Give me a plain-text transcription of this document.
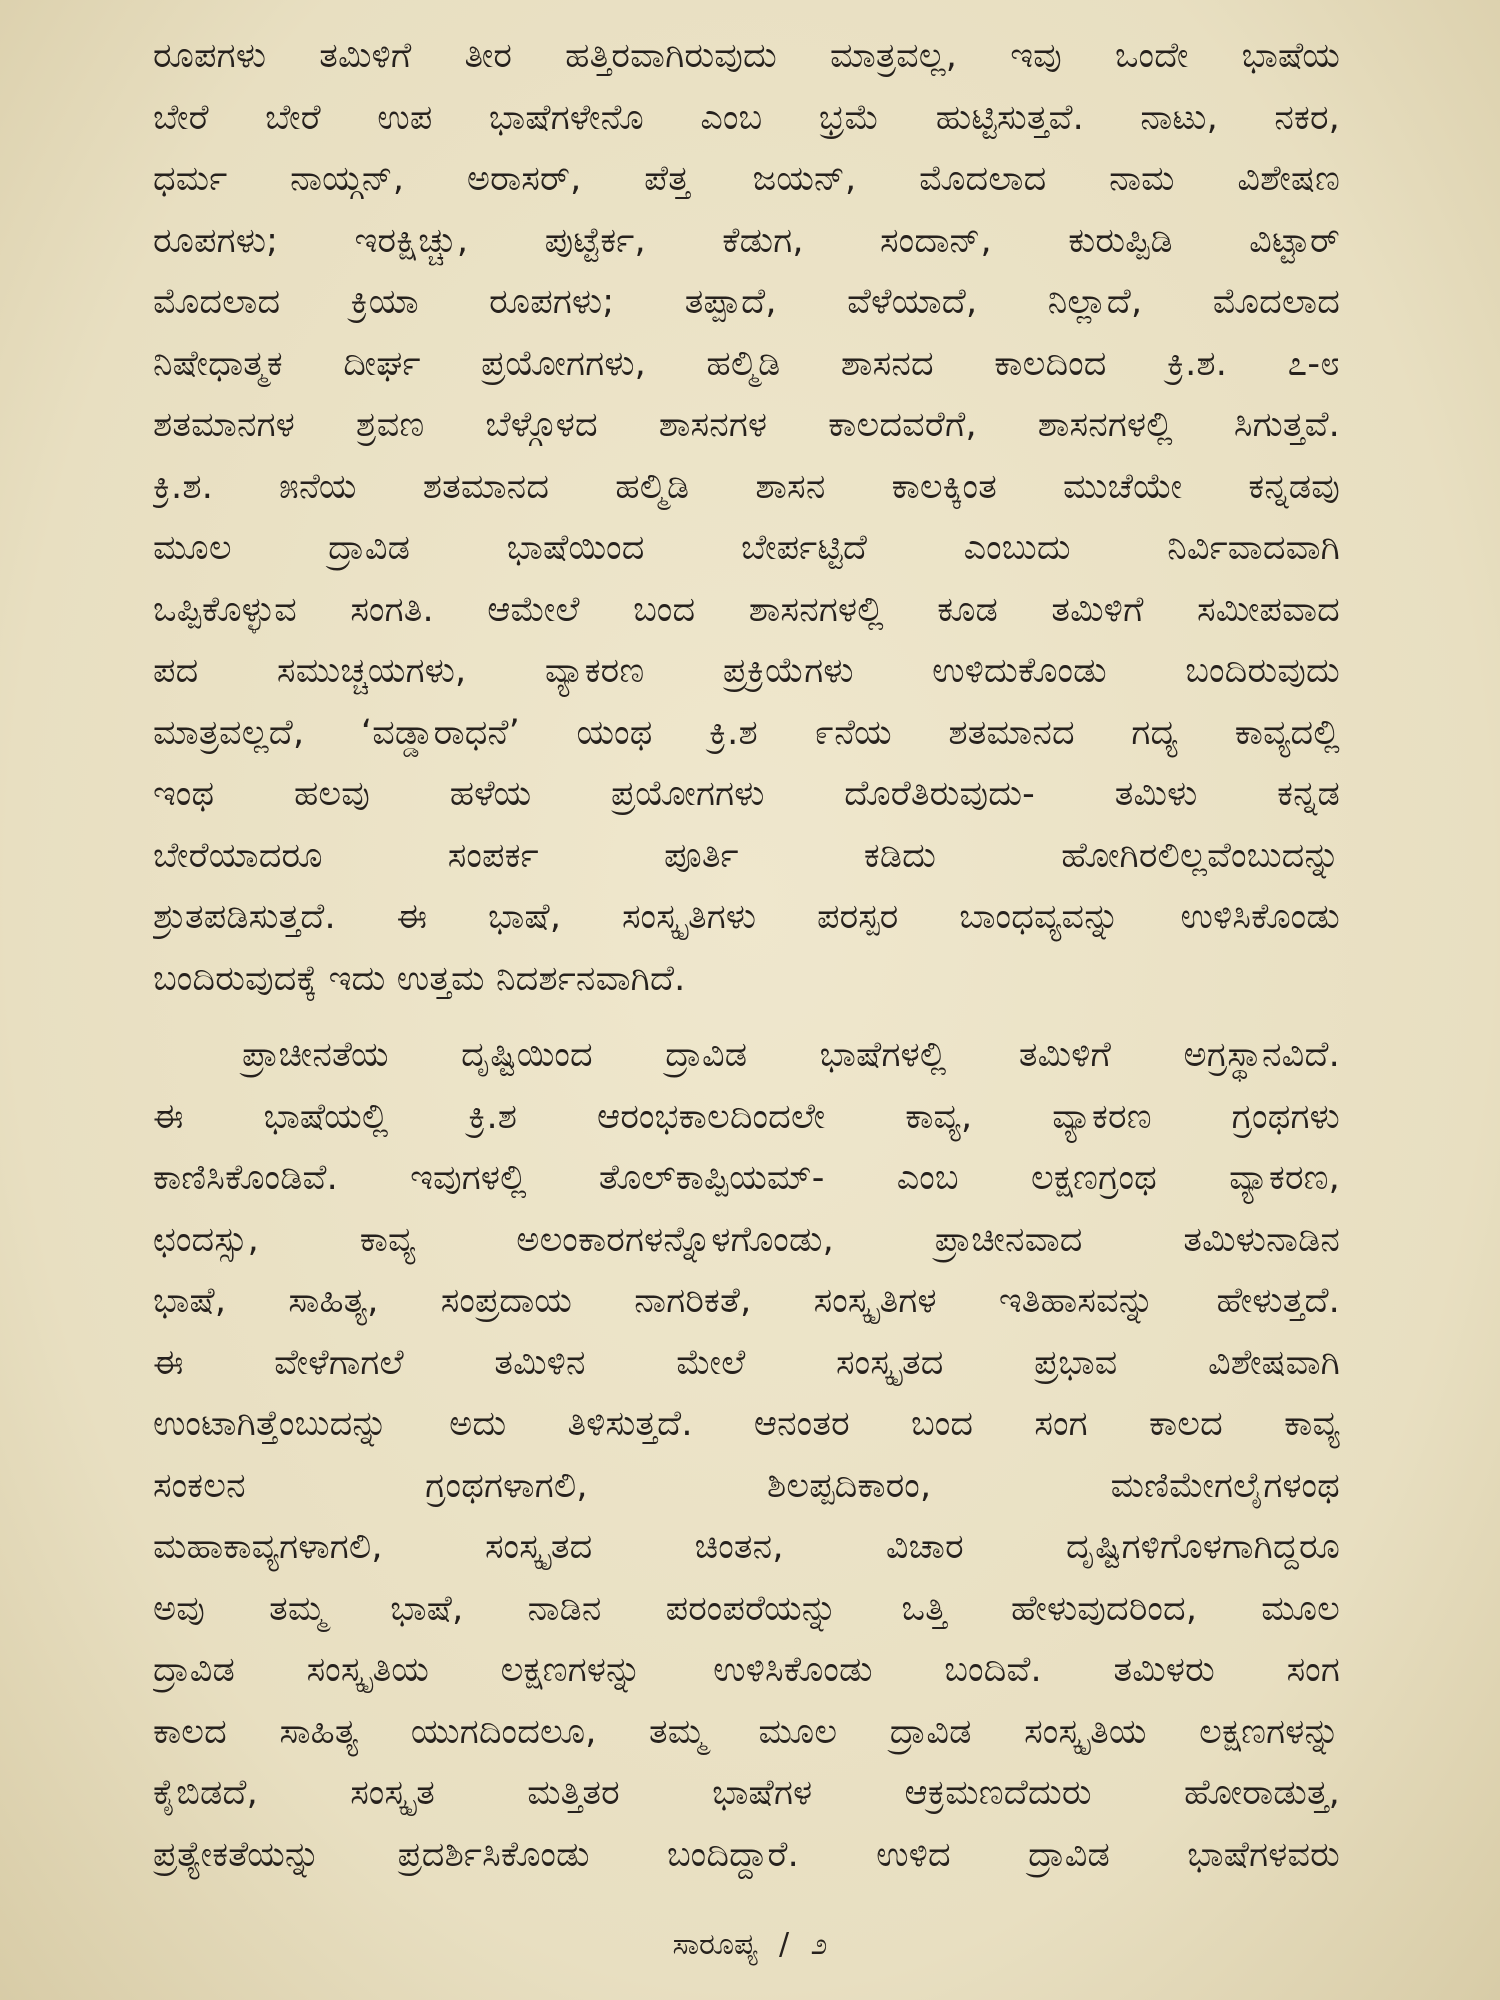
ರೂಪಗಳು ತಮಿಳಿಗೆ ತೀರ ಹತ್ತಿರವಾಗಿರುವುದು ಮಾತ್ರವಲ್ಲ, ಇವು ಒಂದೇ ಭಾಷೆಯ
ಬೇರೆ ಬೇರೆ ಉಪ ಭಾಷೆಗಳೇನೊ ಎಂಬ ಭ್ರಮೆ ಹುಟ್ಟಿಸುತ್ತವೆ. ನಾಟು, ನಕರ,
ಧರ್ಮ ನಾಯ್ಗನ್, ಅರಾಸರ್, ಪೆತ್ತ ಜಯನ್, ಮೊದಲಾದ ನಾಮ ವಿಶೇಷಣ
ರೂಪಗಳು; ಇರಕ್ಷಿಚ್ಚು, ಪುಟ್ಟೆರ್ಕ, ಕೆಡುಗ, ಸಂದಾನ್, ಕುರುಪ್ಪಿಡಿ ವಿಟ್ಟಾರ್
ಮೊದಲಾದ ಕ್ರಿಯಾ ರೂಪಗಳು; ತಪ್ಪಾದೆ, ವೆಳೆಯಾದೆ, ನಿಲ್ಲಾದೆ, ಮೊದಲಾದ
ನಿಷೇಧಾತ್ಮಕ ದೀರ್ಘ ಪ್ರಯೋಗಗಳು, ಹಲ್ಮಿಡಿ ಶಾಸನದ ಕಾಲದಿಂದ ಕ್ರಿ.ಶ. ೭-೮
ಶತಮಾನಗಳ ಶ್ರವಣ ಬೆಳ್ಗೊಳದ ಶಾಸನಗಳ ಕಾಲದವರೆಗೆ, ಶಾಸನಗಳಲ್ಲಿ ಸಿಗುತ್ತವೆ.
ಕ್ರಿ.ಶ. ೫ನೆಯ ಶತಮಾನದ ಹಲ್ಮಿಡಿ ಶಾಸನ ಕಾಲಕ್ಕಿಂತ ಮುಚೆಯೇ ಕನ್ನಡವು
ಮೂಲ ದ್ರಾವಿಡ ಭಾಷೆಯಿಂದ ಬೇರ್ಪಟ್ಟಿದೆ ಎಂಬುದು ನಿರ್ವಿವಾದವಾಗಿ
ಒಪ್ಪಿಕೊಳ್ಳುವ ಸಂಗತಿ. ಆಮೇಲೆ ಬಂದ ಶಾಸನಗಳಲ್ಲಿ ಕೂಡ ತಮಿಳಿಗೆ ಸಮೀಪವಾದ
ಪದ ಸಮುಚ್ಚಯಗಳು, ವ್ಯಾಕರಣ ಪ್ರಕ್ರಿಯೆಗಳು ಉಳಿದುಕೊಂಡು ಬಂದಿರುವುದು
ಮಾತ್ರವಲ್ಲದೆ, ‘ವಡ್ಡಾರಾಧನೆ’ ಯಂಥ ಕ್ರಿ.ಶ ೯ನೆಯ ಶತಮಾನದ ಗದ್ಯ ಕಾವ್ಯದಲ್ಲಿ
ಇಂಥ ಹಲವು ಹಳೆಯ ಪ್ರಯೋಗಗಳು ದೊರೆತಿರುವುದು- ತಮಿಳು ಕನ್ನಡ
ಬೇರೆಯಾದರೂ ಸಂಪರ್ಕ ಪೂರ್ತಿ ಕಡಿದು ಹೋಗಿರಲಿಲ್ಲವೆಂಬುದನ್ನು
ಶ್ರುತಪಡಿಸುತ್ತದೆ. ಈ ಭಾಷೆ, ಸಂಸ್ಕೃತಿಗಳು ಪರಸ್ಪರ ಬಾಂಧವ್ಯವನ್ನು ಉಳಿಸಿಕೊಂಡು
ಬಂದಿರುವುದಕ್ಕೆ ಇದು ಉತ್ತಮ ನಿದರ್ಶನವಾಗಿದೆ.
ಪ್ರಾಚೀನತೆಯ ದೃಷ್ಟಿಯಿಂದ ದ್ರಾವಿಡ ಭಾಷೆಗಳಲ್ಲಿ ತಮಿಳಿಗೆ ಅಗ್ರಸ್ಥಾನವಿದೆ.
ಈ ಭಾಷೆಯಲ್ಲಿ ಕ್ರಿ.ಶ ಆರಂಭಕಾಲದಿಂದಲೇ ಕಾವ್ಯ, ವ್ಯಾಕರಣ ಗ್ರಂಥಗಳು
ಕಾಣಿಸಿಕೊಂಡಿವೆ. ಇವುಗಳಲ್ಲಿ ತೊಲ್‌ಕಾಪ್ಪಿಯಮ್- ಎಂಬ ಲಕ್ಷಣಗ್ರಂಥ ವ್ಯಾಕರಣ,
ಛಂದಸ್ಸು, ಕಾವ್ಯ ಅಲಂಕಾರಗಳನ್ನೊಳಗೊಂಡು, ಪ್ರಾಚೀನವಾದ ತಮಿಳುನಾಡಿನ
ಭಾಷೆ, ಸಾಹಿತ್ಯ, ಸಂಪ್ರದಾಯ ನಾಗರಿಕತೆ, ಸಂಸ್ಕೃತಿಗಳ ಇತಿಹಾಸವನ್ನು ಹೇಳುತ್ತದೆ.
ಈ ವೇಳೆಗಾಗಲೆ ತಮಿಳಿನ ಮೇಲೆ ಸಂಸ್ಕೃತದ ಪ್ರಭಾವ ವಿಶೇಷವಾಗಿ
ಉಂಟಾಗಿತ್ತೆಂಬುದನ್ನು ಅದು ತಿಳಿಸುತ್ತದೆ. ಆನಂತರ ಬಂದ ಸಂಗ ಕಾಲದ ಕಾವ್ಯ
ಸಂಕಲನ ಗ್ರಂಥಗಳಾಗಲಿ, ಶಿಲಪ್ಪದಿಕಾರಂ, ಮಣಿಮೇಗಲೈಗಳಂಥ
ಮಹಾಕಾವ್ಯಗಳಾಗಲಿ, ಸಂಸ್ಕೃತದ ಚಿಂತನ, ವಿಚಾರ ದೃಷ್ಟಿಗಳಿಗೊಳಗಾಗಿದ್ದರೂ
ಅವು ತಮ್ಮ ಭಾಷೆ, ನಾಡಿನ ಪರಂಪರೆಯನ್ನು ಒತ್ತಿ ಹೇಳುವುದರಿಂದ, ಮೂಲ
ದ್ರಾವಿಡ ಸಂಸ್ಕೃತಿಯ ಲಕ್ಷಣಗಳನ್ನು ಉಳಿಸಿಕೊಂಡು ಬಂದಿವೆ. ತಮಿಳರು ಸಂಗ
ಕಾಲದ ಸಾಹಿತ್ಯ ಯುಗದಿಂದಲೂ, ತಮ್ಮ ಮೂಲ ದ್ರಾವಿಡ ಸಂಸ್ಕೃತಿಯ ಲಕ್ಷಣಗಳನ್ನು
ಕೈಬಿಡದೆ, ಸಂಸ್ಕೃತ ಮತ್ತಿತರ ಭಾಷೆಗಳ ಆಕ್ರಮಣದೆದುರು ಹೋರಾಡುತ್ತ,
ಪ್ರತ್ಯೇಕತೆಯನ್ನು ಪ್ರದರ್ಶಿಸಿಕೊಂಡು ಬಂದಿದ್ದಾರೆ. ಉಳಿದ ದ್ರಾವಿಡ ಭಾಷೆಗಳವರು
ಸಾರೂಪ್ಯ / ೨
